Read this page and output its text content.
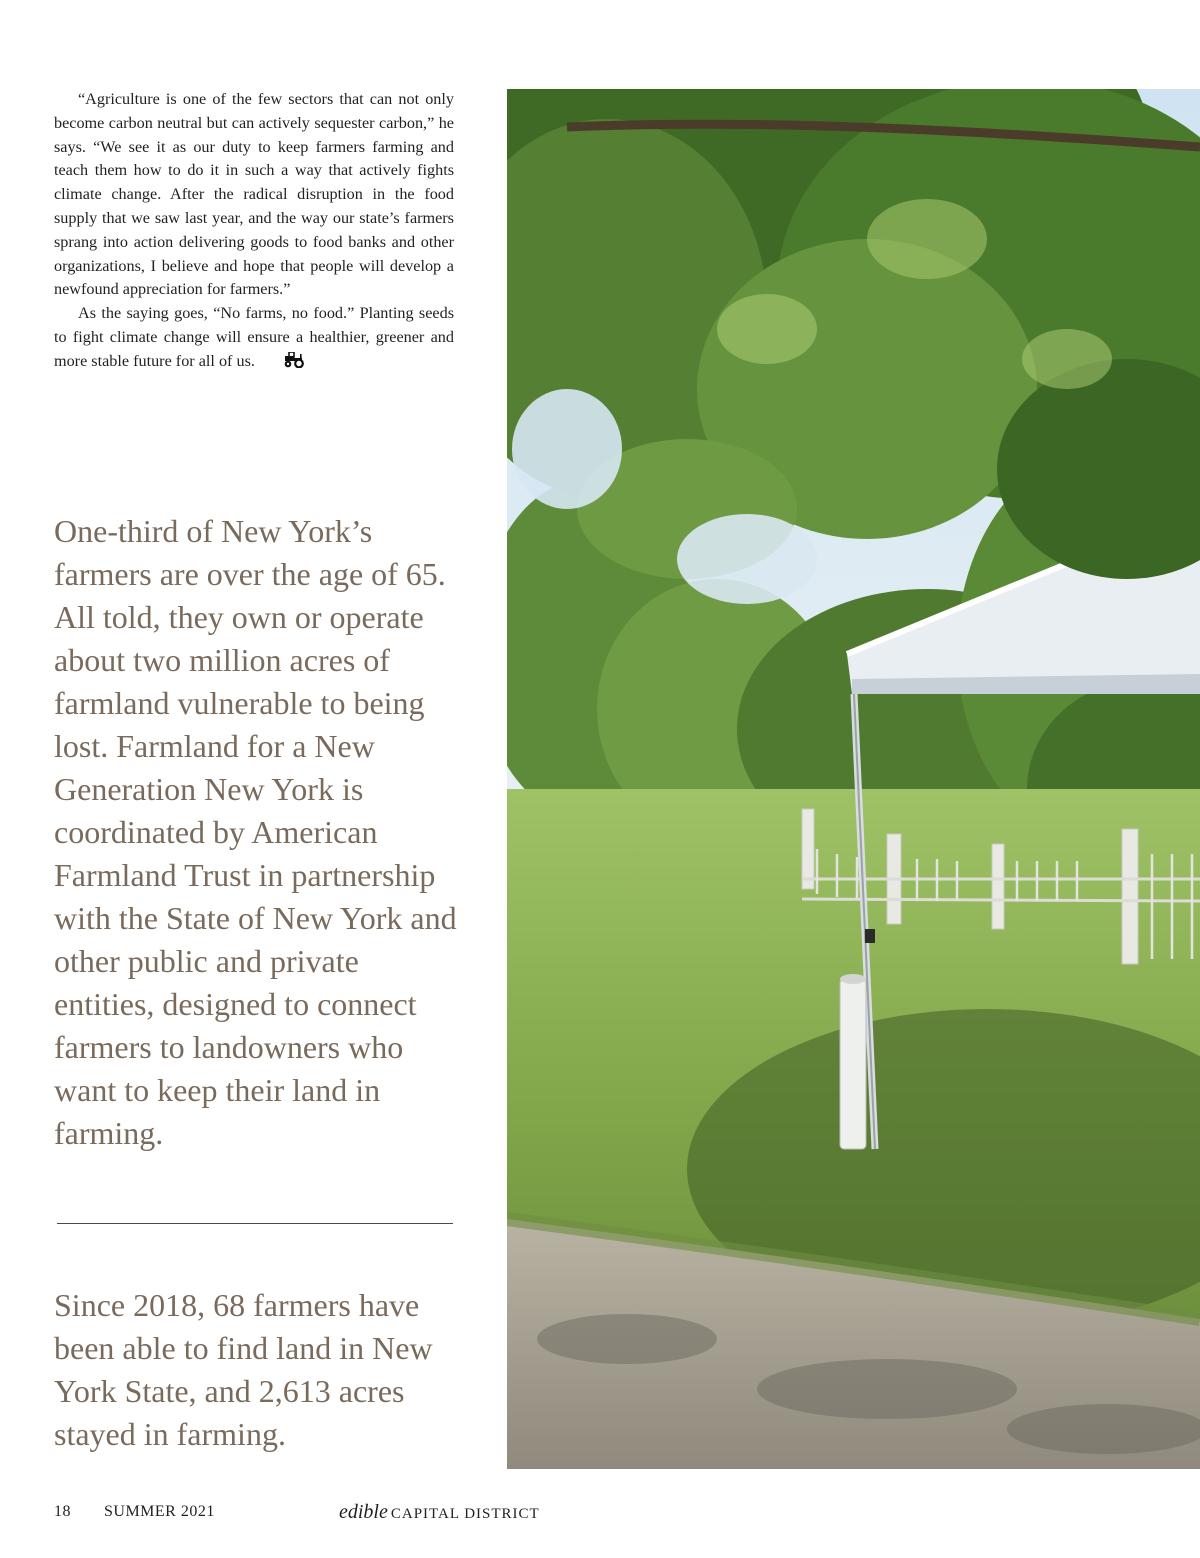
“Agriculture is one of the few sectors that can not only become carbon neutral but can actively sequester carbon,” he says. “We see it as our duty to keep farmers farming and teach them how to do it in such a way that actively fights climate change. After the radical disruption in the food supply that we saw last year, and the way our state’s farmers sprang into action delivering goods to food banks and other organizations, I believe and hope that people will develop a newfound appreciation for farmers.”

As the saying goes, “No farms, no food.” Planting seeds to fight climate change will ensure a healthier, greener and more stable future for all of us.

One-third of New York’s farmers are over the age of 65. All told, they own or operate about two million acres of farmland vulnerable to being lost. Farmland for a New Generation New York is coordinated by American Farmland Trust in partnership with the State of New York and other public and private entities, designed to connect farmers to landowners who want to keep their land in farming.

Since 2018, 68 farmers have been able to find land in New York State, and 2,613 acres stayed in farming.

18 SUMMER 2021	edible CAPITAL DISTRICT
